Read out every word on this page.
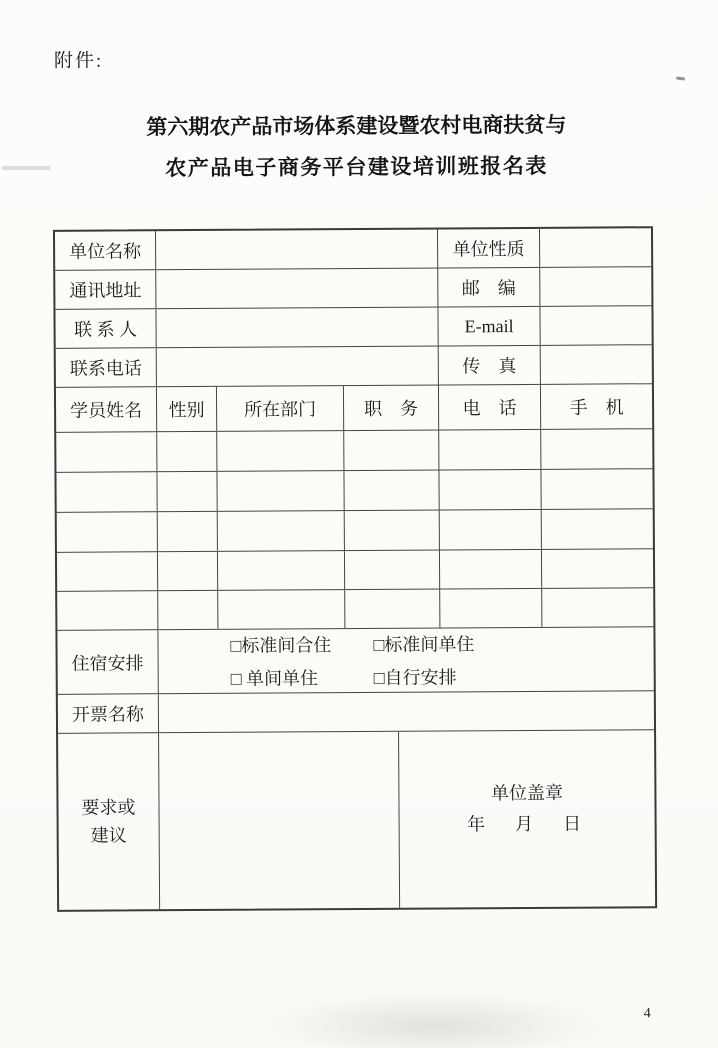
附件:
第六期农产品市场体系建设暨农村电商扶贫与
农产品电子商务平台建设培训班报名表
单位名称	单位性质
通讯地址	邮　编
联 系 人	E-mail
联系电话	传　真
学员姓名	性别	所在部门	职　务	电　话	手　机
住宿安排
□标准间合住	□标准间单住
□ 单间单住	□自行安排
开票名称
要求或
建议
单位盖章
年　月　日
4
